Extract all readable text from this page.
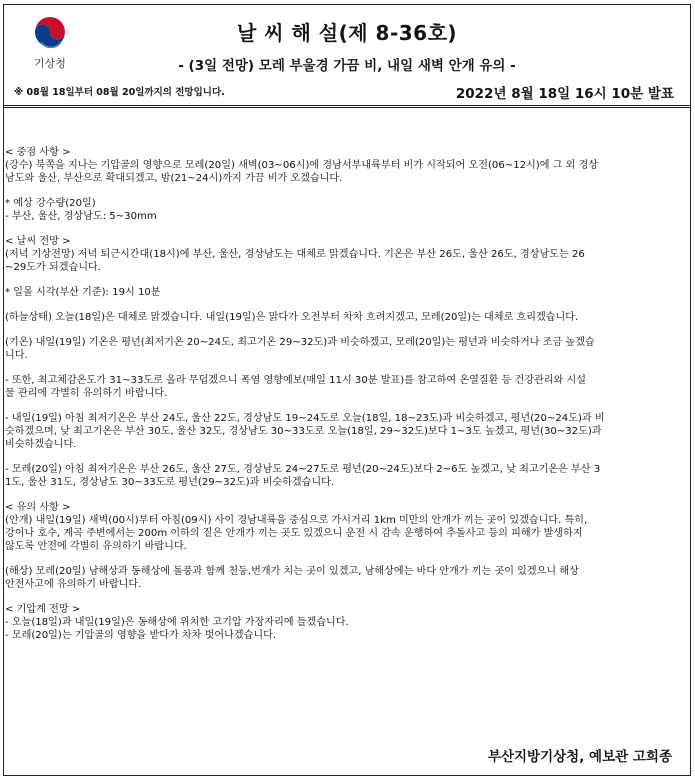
기상청
날 씨 해 설(제 8-36호)
- (3일 전망) 모레 부울경 가끔 비, 내일 새벽 안개 유의 -
※ 08월 18일부터 08월 20일까지의 전망입니다.	2022년 8월 18일 16시 10분 발표

< 중점 사항 >
(강수) 북쪽을 지나는 기압골의 영향으로 모레(20일) 새벽(03~06시)에 경남서부내륙부터 비가 시작되어 오전(06~12시)에 그 외 경상
남도와 울산, 부산으로 확대되겠고, 밤(21~24시)까지 가끔 비가 오겠습니다.

* 예상 강수량(20일)
- 부산, 울산, 경상남도: 5~30mm

< 날씨 전망 >
(저녁 기상전망) 저녁 퇴근시간대(18시)에 부산, 울산, 경상남도는 대체로 맑겠습니다. 기온은 부산 26도, 울산 26도, 경상남도는 26
~29도가 되겠습니다.

* 일몰 시각(부산 기준): 19시 10분

(하늘상태) 오늘(18일)은 대체로 맑겠습니다. 내일(19일)은 맑다가 오전부터 차차 흐려지겠고, 모레(20일)는 대체로 흐리겠습니다.

(기온) 내일(19일) 기온은 평년(최저기온 20~24도, 최고기온 29~32도)과 비슷하겠고, 모레(20일)는 평년과 비슷하거나 조금 높겠습
니다.

- 또한, 최고체감온도가 31~33도로 올라 무덥겠으니 폭염 영향예보(매일 11시 30분 발표)를 참고하여 온열질환 등 건강관리와 시설
물 관리에 각별히 유의하기 바랍니다.

- 내일(19일) 아침 최저기온은 부산 24도, 울산 22도, 경상남도 19~24도로 오늘(18일, 18~23도)과 비슷하겠고, 평년(20~24도)과 비
슷하겠으며, 낮 최고기온은 부산 30도, 울산 32도, 경상남도 30~33도로 오늘(18일, 29~32도)보다 1~3도 높겠고, 평년(30~32도)과
비슷하겠습니다.

- 모레(20일) 아침 최저기온은 부산 26도, 울산 27도, 경상남도 24~27도로 평년(20~24도)보다 2~6도 높겠고, 낮 최고기온은 부산 3
1도, 울산 31도, 경상남도 30~33도로 평년(29~32도)과 비슷하겠습니다.

< 유의 사항 >
(안개) 내일(19일) 새벽(00시)부터 아침(09시) 사이 경남내륙을 중심으로 가시거리 1km 미만의 안개가 끼는 곳이 있겠습니다. 특히,
강이나 호수, 계곡 주변에서는 200m 이하의 짙은 안개가 끼는 곳도 있겠으니 운전 시 감속 운행하여 추돌사고 등의 피해가 발생하지
않도록 안전에 각별히 유의하기 바랍니다.

(해상) 모레(20일) 남해상과 동해상에 돌풍과 함께 천둥.번개가 치는 곳이 있겠고, 남해상에는 바다 안개가 끼는 곳이 있겠으니 해상
안전사고에 유의하기 바랍니다.

< 기압계 전망 >
- 오늘(18일)과 내일(19일)은 동해상에 위치한 고기압 가장자리에 들겠습니다.
- 모레(20일)는 기압골의 영향을 받다가 차차 벗어나겠습니다.

부산지방기상청, 예보관 고희종
